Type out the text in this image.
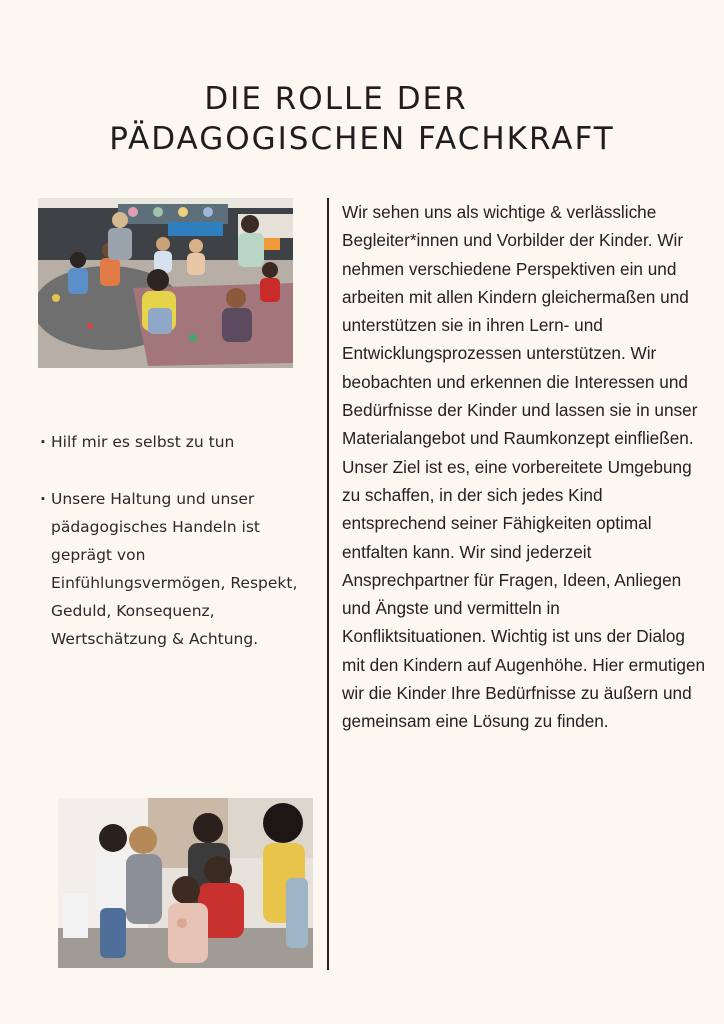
DIE ROLLE DER
PÄDAGOGISCHEN FACHKRAFT
· Hilf mir es selbst zu tun
· Unsere Haltung und unser pädagogisches Handeln ist geprägt von Einfühlungsvermögen, Respekt, Geduld, Konsequenz, Wertschätzung & Achtung.

Wir sehen uns als wichtige & verlässliche Begleiter*innen und Vorbilder der Kinder. Wir nehmen verschiedene Perspektiven ein und arbeiten mit allen Kindern gleichermaßen und unterstützen sie in ihren Lern- und Entwicklungsprozessen unterstützen. Wir beobachten und erkennen die Interessen und Bedürfnisse der Kinder und lassen sie in unser Materialangebot und Raumkonzept einfließen. Unser Ziel ist es, eine vorbereitete Umgebung zu schaffen, in der sich jedes Kind entsprechend seiner Fähigkeiten optimal entfalten kann. Wir sind jederzeit Ansprechpartner für Fragen, Ideen, Anliegen und Ängste und vermitteln in Konfliktsituationen. Wichtig ist uns der Dialog mit den Kindern auf Augenhöhe. Hier ermutigen wir die Kinder Ihre Bedürfnisse zu äußern und gemeinsam eine Lösung zu finden.
